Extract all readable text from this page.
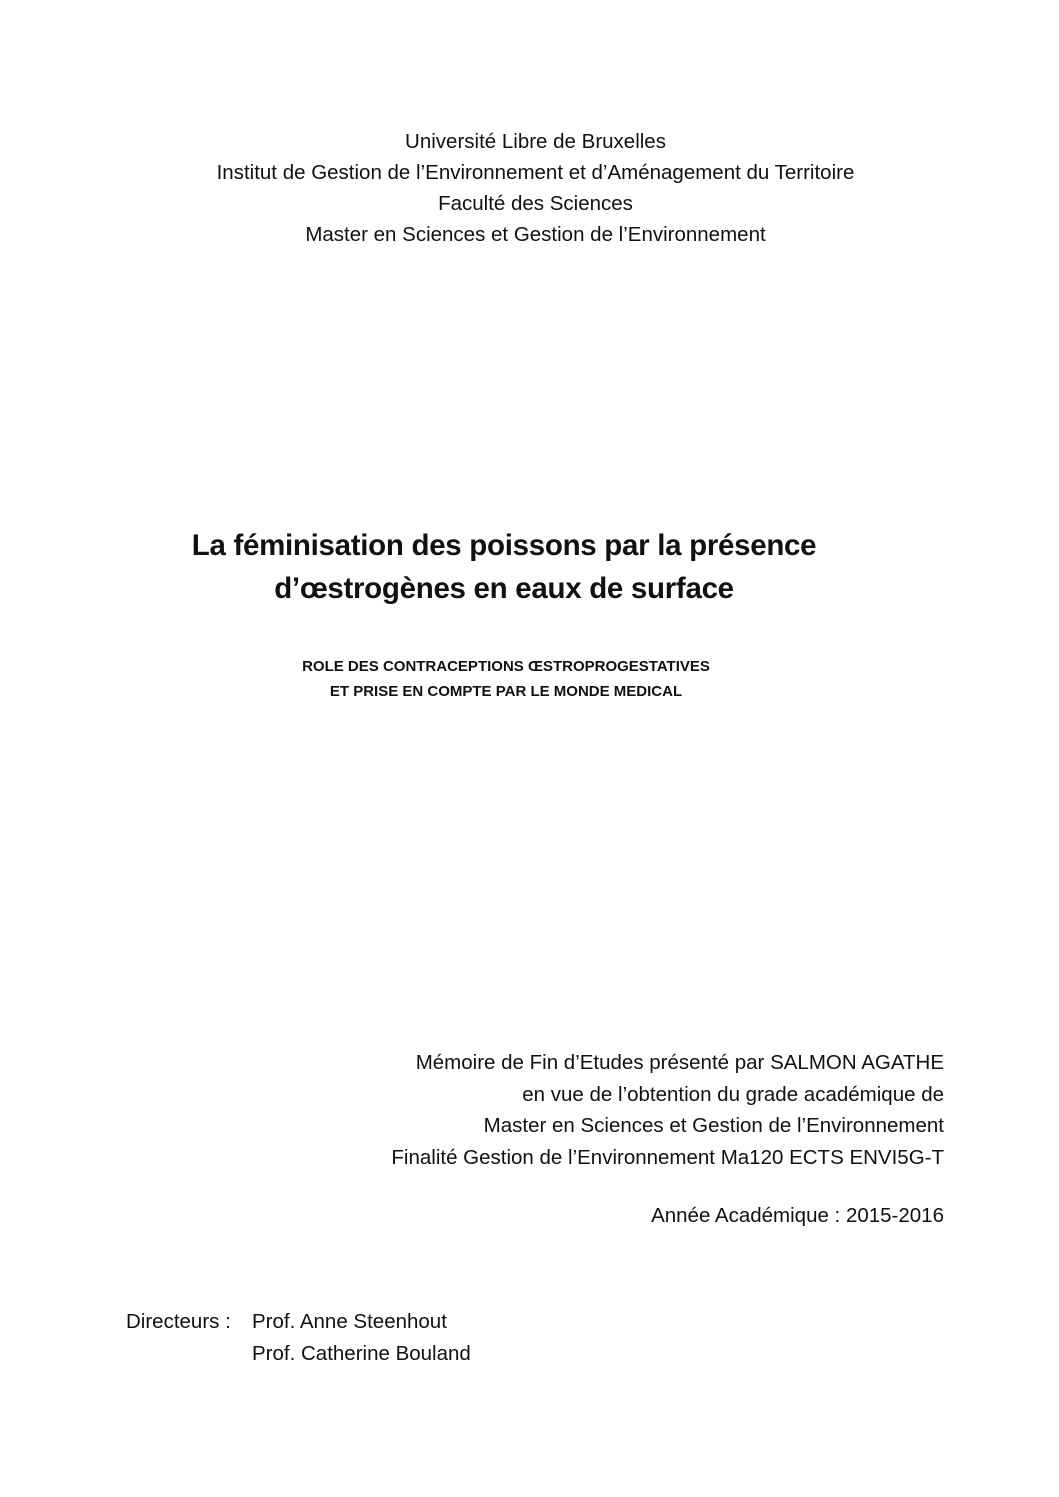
Université Libre de Bruxelles
Institut de Gestion de l’Environnement et d’Aménagement du Territoire
Faculté des Sciences
Master en Sciences et Gestion de l’Environnement
La féminisation des poissons par la présence
d’œstrogènes en eaux de surface
ROLE DES CONTRACEPTIONS ŒSTROPROGESTATIVES
ET PRISE EN COMPTE PAR LE MONDE MEDICAL
Mémoire de Fin d’Etudes présenté par SALMON AGATHE
en vue de l’obtention du grade académique de
Master en Sciences et Gestion de l’Environnement
Finalité Gestion de l’Environnement Ma120 ECTS ENVI5G-T
Année Académique : 2015-2016
Directeurs :	Prof. Anne Steenhout
Prof. Catherine Bouland
